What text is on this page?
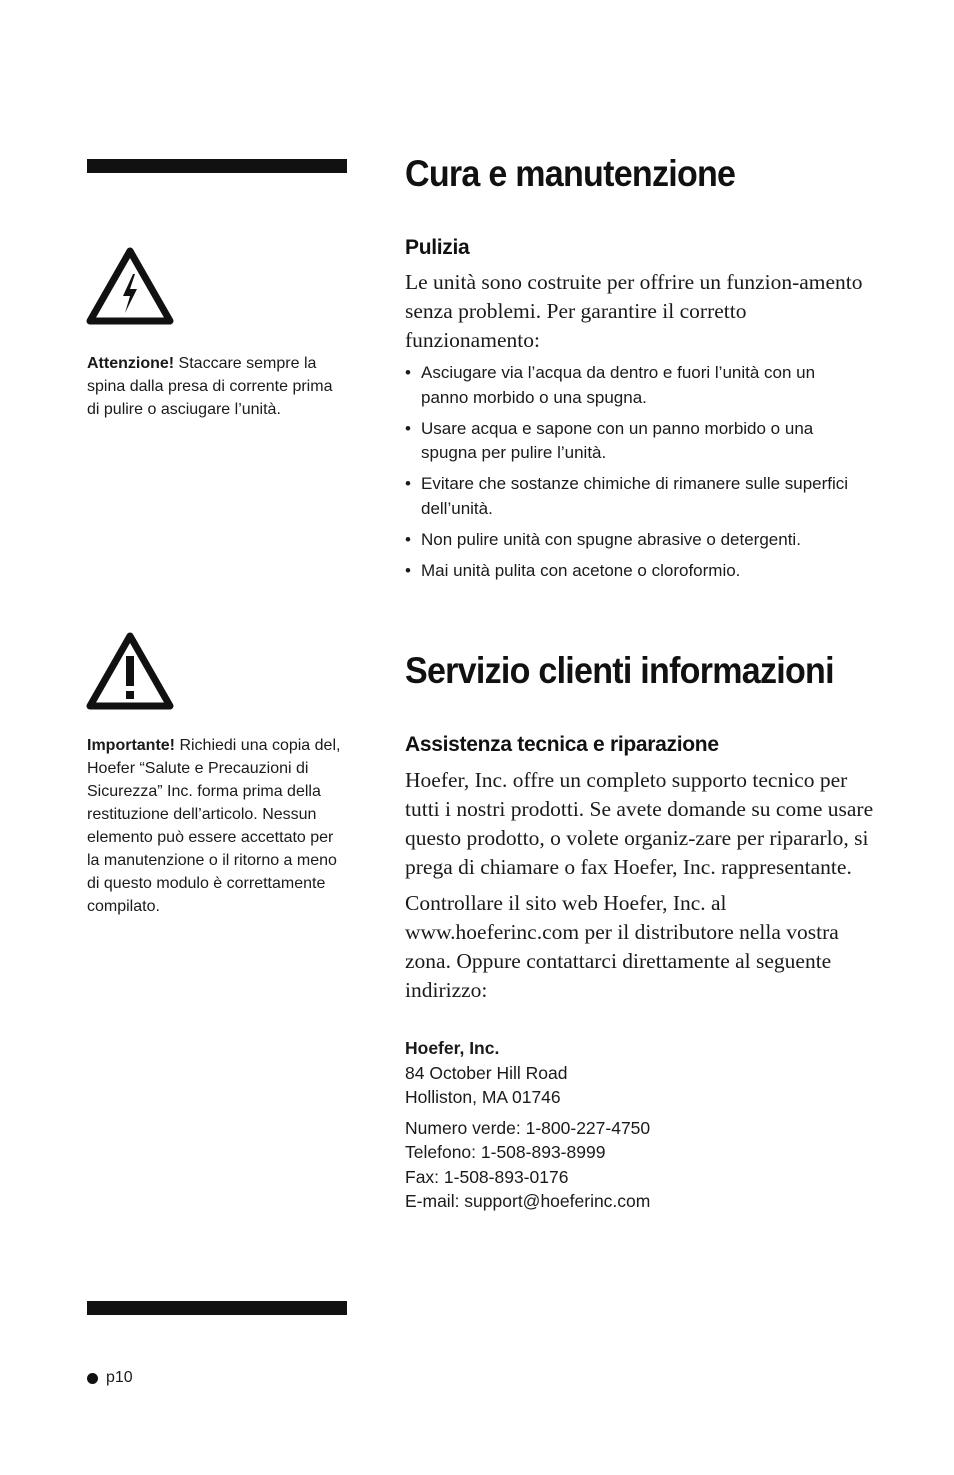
Attenzione! Staccare sempre la spina dalla presa di corrente prima di pulire o asciugare l’unità.
Importante! Richiedi una copia del, Hoefer “Salute e Precauzioni di Sicurezza” Inc. forma prima della restituzione dell’articolo. Nessun elemento può essere accettato per la manutenzione o il ritorno a meno di questo modulo è correttamente compilato.
Cura e manutenzione
Pulizia

Le unità sono costruite per offrire un funzion-amento senza problemi. Per garantire il corretto funzionamento:

• Asciugare via l’acqua da dentro e fuori l’unità con un panno morbido o una spugna.
• Usare acqua e sapone con un panno morbido o una spugna per pulire l’unità.
• Evitare che sostanze chimiche di rimanere sulle superfici dell’unità.
• Non pulire unità con spugne abrasive o detergenti.
• Mai unità pulita con acetone o cloroformio.
Servizio clienti informazioni
Assistenza tecnica e riparazione

Hoefer, Inc. offre un completo supporto tecnico per tutti i nostri prodotti. Se avete domande su come usare questo prodotto, o volete organiz-zare per ripararlo, si prega di chiamare o fax Hoefer, Inc. rappresentante.

Controllare il sito web Hoefer, Inc. al www.hoeferinc.com per il distributore nella vostra zona. Oppure contattarci direttamente al seguente indirizzo:

Hoefer, Inc.
84 October Hill Road
Holliston, MA 01746
Numero verde: 1-800-227-4750
Telefono: 1-508-893-8999
Fax: 1-508-893-0176
E-mail: support@hoeferinc.com
p10
